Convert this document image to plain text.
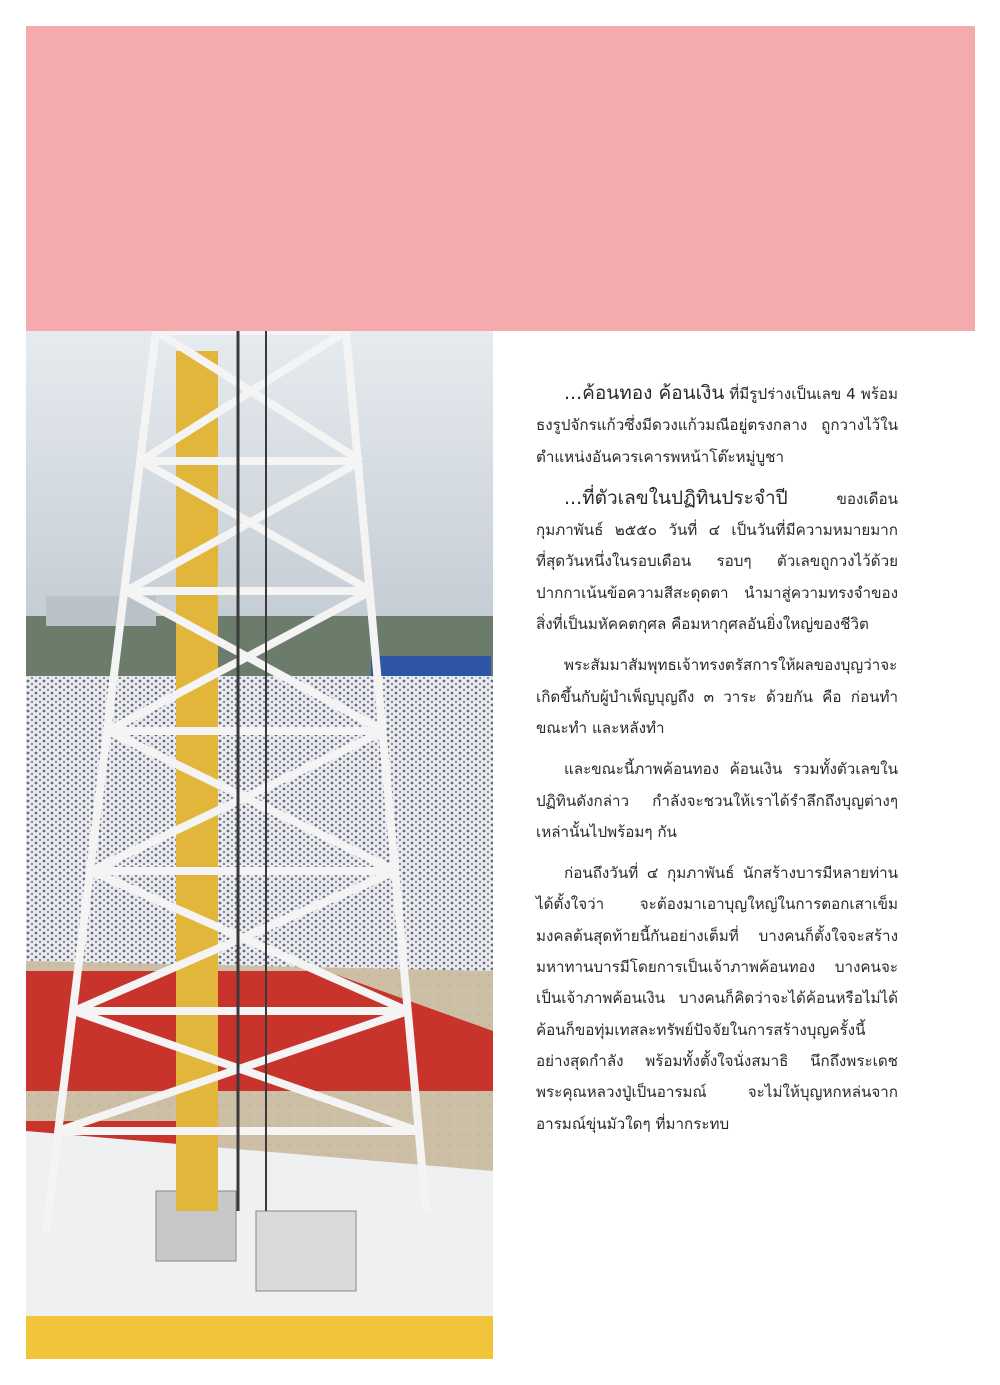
...ค้อนทอง ค้อนเงิน ที่มีรูปร่างเป็นเลข 4 พร้อมธงรูปจักรแก้วซึ่งมีดวงแก้วมณีอยู่ตรงกลาง ถูกวางไว้ในตำแหน่งอันควรเคารพหน้าโต๊ะหมู่บูชา

...ที่ตัวเลขในปฏิทินประจำปี ของเดือนกุมภาพันธ์ ๒๕๕๐ วันที่ ๔ เป็นวันที่มีความหมายมากที่สุดวันหนึ่งในรอบเดือน รอบๆ ตัวเลขถูกวงไว้ด้วยปากกาเน้นข้อความสีสะดุดตา นำมาสู่ความทรงจำของสิ่งที่เป็นมหัคคตกุศล คือมหากุศลอันยิ่งใหญ่ของชีวิต

พระสัมมาสัมพุทธเจ้าทรงตรัสการให้ผลของบุญว่าจะเกิดขึ้นกับผู้บำเพ็ญบุญถึง ๓ วาระ ด้วยกัน คือ ก่อนทำ ขณะทำ และหลังทำ

และขณะนี้ภาพค้อนทอง ค้อนเงิน รวมทั้งตัวเลขในปฏิทินดังกล่าว กำลังจะชวนให้เราได้รำลึกถึงบุญต่างๆ เหล่านั้นไปพร้อมๆ กัน

ก่อนถึงวันที่ ๔ กุมภาพันธ์ นักสร้างบารมีหลายท่านได้ตั้งใจว่า จะต้องมาเอาบุญใหญ่ในการตอกเสาเข็มมงคลต้นสุดท้ายนี้กันอย่างเต็มที่ บางคนก็ตั้งใจจะสร้างมหาทานบารมีโดยการเป็นเจ้าภาพค้อนทอง บางคนจะเป็นเจ้าภาพค้อนเงิน บางคนก็คิดว่าจะได้ค้อนหรือไม่ได้ค้อนก็ขอทุ่มเทสละทรัพย์ปัจจัยในการสร้างบุญครั้งนี้อย่างสุดกำลัง พร้อมทั้งตั้งใจนั่งสมาธิ นึกถึงพระเดชพระคุณหลวงปู่เป็นอารมณ์ จะไม่ให้บุญหกหล่นจากอารมณ์ขุ่นมัวใดๆ ที่มากระทบ
